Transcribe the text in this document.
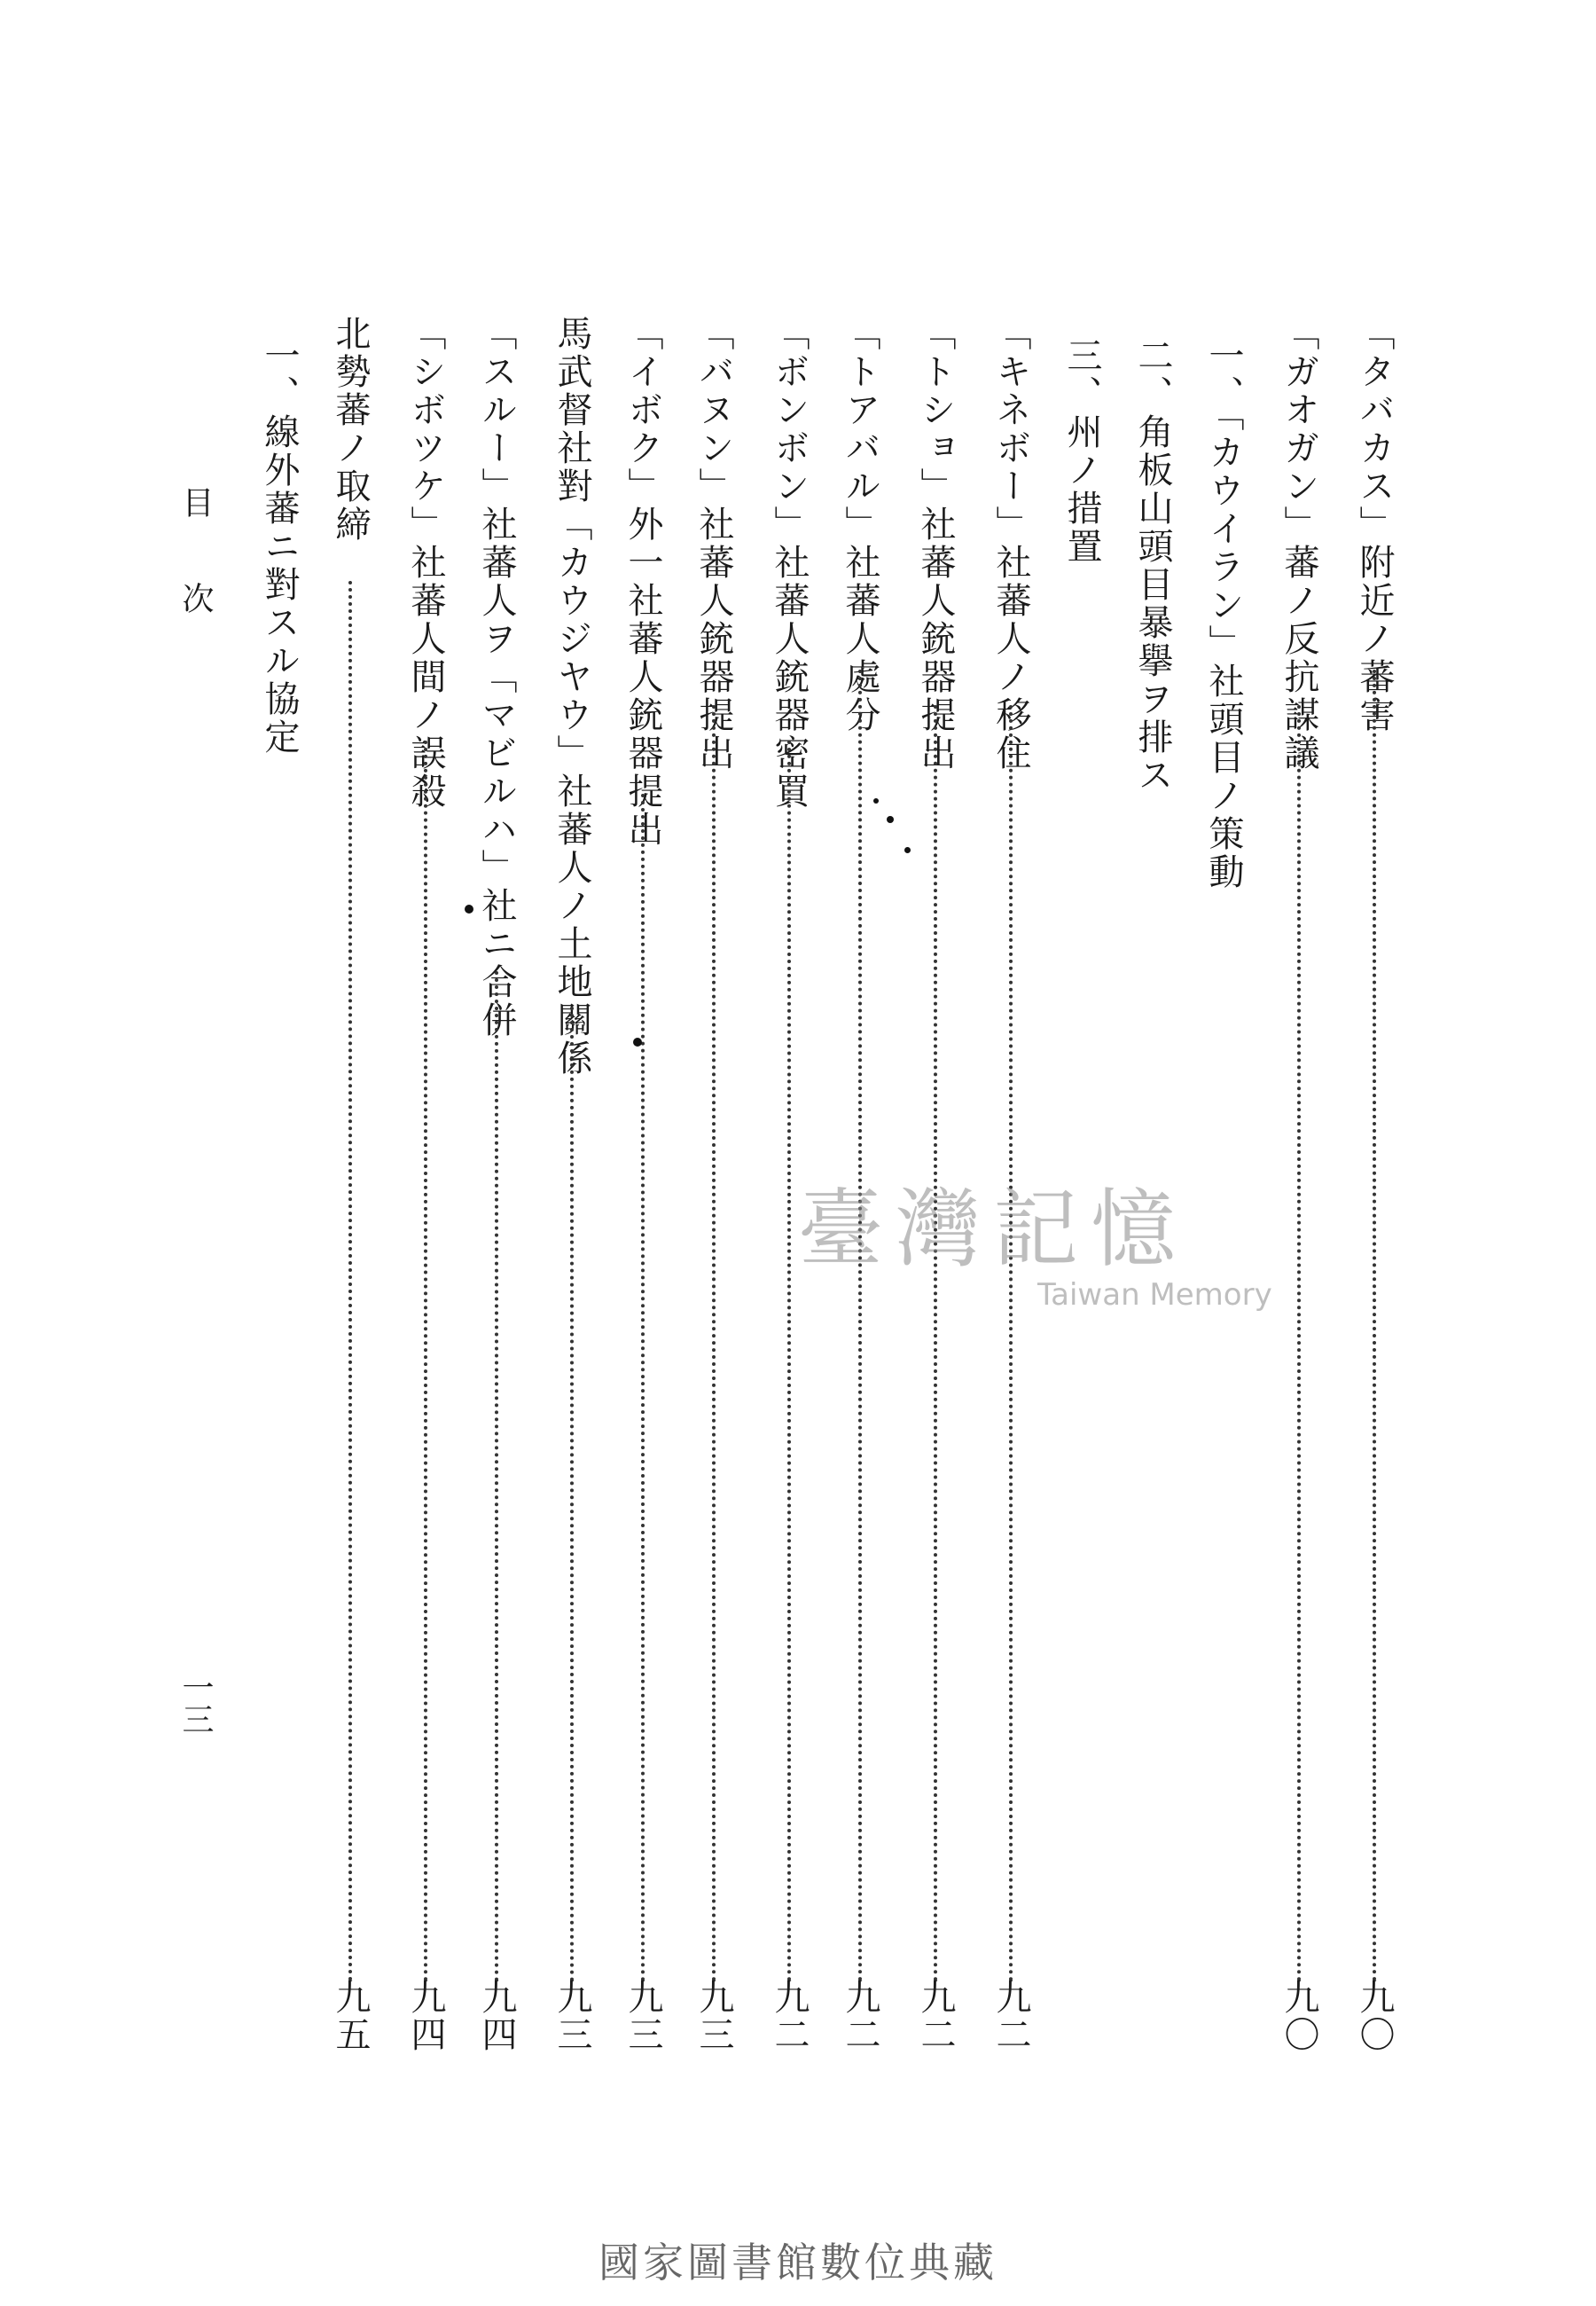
「タバカス」附近ノ蕃害
九〇
「ガオガン」蕃ノ反抗謀議
九〇
一、「カウイラン」社頭目ノ策動
二、角板山頭目暴擧ヲ排ス
三、州ノ措置
「キネボー」社蕃人ノ移住
九二
「トショ」社蕃人銃器提出
九二
「トアバル」社蕃人處分
九二
「ボンボン」社蕃人銃器密買
九二
「バヌン」社蕃人銃器提出
九三
「イボク」外一社蕃人銃器提出
九三
馬武督社對「カウジヤウ」社蕃人ノ土地關係
九三
「スルー」社蕃人ヲ「マビルハ」社ニ合併
九四
「シボツケ」社蕃人間ノ誤殺
九四
北勢蕃ノ取締
九五
一、線外蕃ニ對スル協定
目　　次
一三
臺灣記憶
Taiwan Memory
國家圖書館數位典藏
